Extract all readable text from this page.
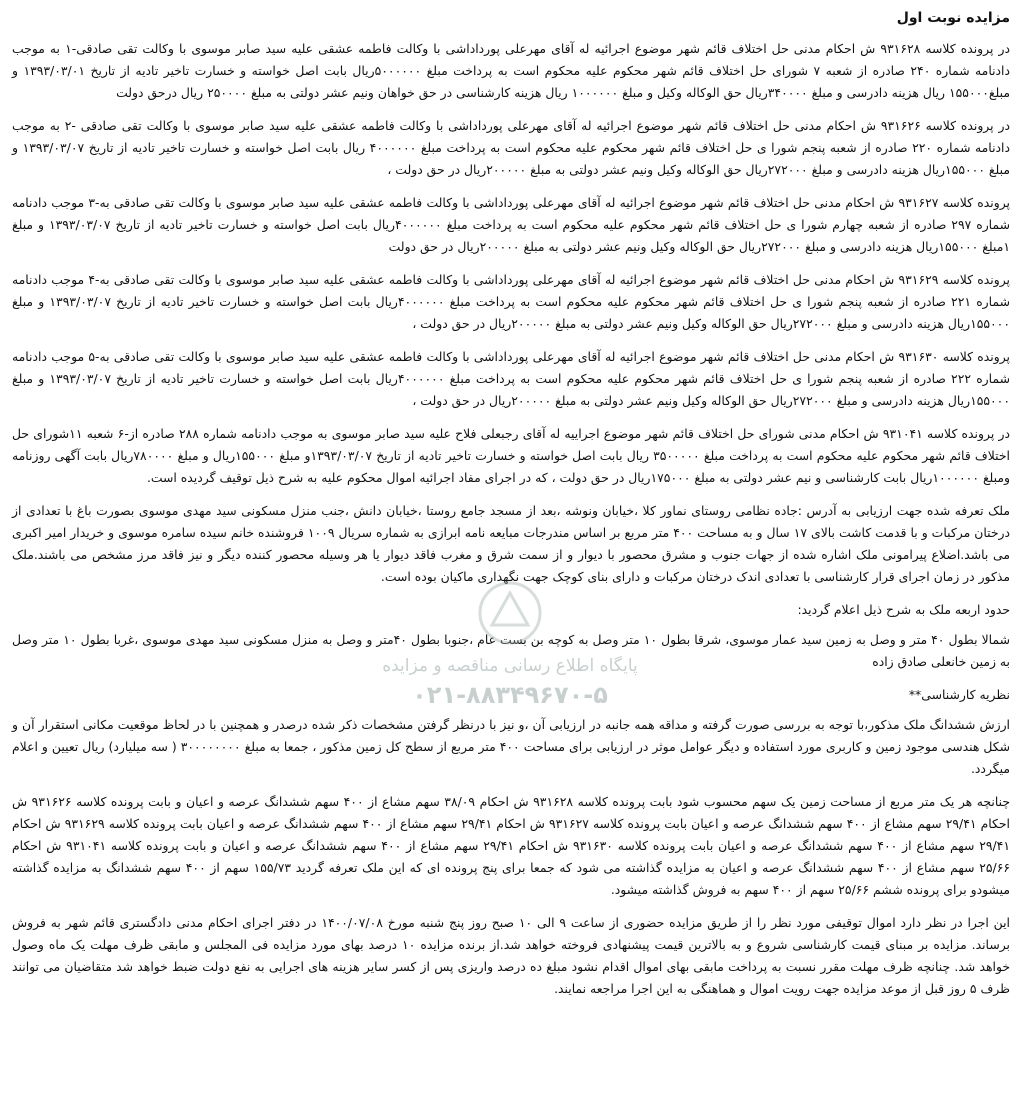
مزایده نوبت اول

در پرونده کلاسه ۹۳۱۶۲۸ ش احکام مدنی حل اختلاف قائم شهر موضوع اجرائیه له آقای مهرعلی پورداداشی با وکالت فاطمه عشقی علیه سید صابر موسوی با وکالت تقی صادقی-۱ به موجب دادنامه شماره ۲۴۰ صادره از شعبه ۷ شورای حل اختلاف قائم شهر محکوم علیه محکوم است به پرداخت مبلغ ۵۰۰۰۰۰۰ریال بابت اصل خواسته و خسارت تاخیر تادیه از تاریخ ۱۳۹۳/۰۳/۰۱ و مبلغ۱۵۵۰۰۰ ریال هزینه دادرسی و مبلغ ۳۴۰۰۰۰ریال حق الوکاله وکیل و مبلغ ۱۰۰۰۰۰۰ ریال هزینه کارشناسی در حق خواهان ونیم عشر دولتی به مبلغ ۲۵۰۰۰۰ ریال درحق دولت

در پرونده کلاسه ۹۳۱۶۲۶ ش احکام مدنی حل اختلاف قائم شهر موضوع اجرائیه له آقای مهرعلی پورداداشی با وکالت فاطمه عشقی علیه سید صابر موسوی با وکالت تقی صادقی -۲ به موجب دادنامه شماره ۲۲۰ صادره از شعبه پنجم شورا ی حل اختلاف قائم شهر محکوم علیه محکوم است به پرداخت مبلغ ۴۰۰۰۰۰۰ ریال بابت اصل خواسته و خسارت تاخیر تادیه از تاریخ ۱۳۹۳/۰۳/۰۷ و مبلغ ۱۵۵۰۰۰ریال هزینه دادرسی و مبلغ ۲۷۲۰۰۰ریال حق الوکاله وکیل ونیم عشر دولتی به مبلغ ۲۰۰۰۰۰ریال در حق دولت ،

پرونده کلاسه ۹۳۱۶۲۷ ش احکام مدنی حل اختلاف قائم شهر موضوع اجرائیه له آقای مهرعلی پورداداشی با وکالت فاطمه عشقی علیه سید صابر موسوی با وکالت تقی صادقی به-۳ موجب دادنامه شماره ۲۹۷ صادره از شعبه چهارم شورا ی حل اختلاف قائم شهر محکوم علیه محکوم است به پرداخت مبلغ ۴۰۰۰۰۰۰ریال بابت اصل خواسته و خسارت تاخیر تادیه از تاریخ ۱۳۹۳/۰۳/۰۷ و مبلغ ۱مبلغ ۱۵۵۰۰۰ریال هزینه دادرسی و مبلغ ۲۷۲۰۰۰ریال حق الوکاله وکیل ونیم عشر دولتی به مبلغ ۲۰۰۰۰۰ریال در حق دولت

پرونده کلاسه ۹۳۱۶۲۹ ش احکام مدنی حل اختلاف قائم شهر موضوع اجرائیه له آقای مهرعلی پورداداشی با وکالت فاطمه عشقی علیه سید صابر موسوی با وکالت تقی صادقی به-۴ موجب دادنامه شماره ۲۲۱ صادره از شعبه پنجم شورا ی حل اختلاف قائم شهر محکوم علیه محکوم است به پرداخت مبلغ ۴۰۰۰۰۰۰ریال بابت اصل خواسته و خسارت تاخیر تادیه از تاریخ ۱۳۹۳/۰۳/۰۷ و مبلغ ۱۵۵۰۰۰ریال هزینه دادرسی و مبلغ ۲۷۲۰۰۰ریال حق الوکاله وکیل ونیم عشر دولتی به مبلغ ۲۰۰۰۰۰ریال در حق دولت ،

پرونده کلاسه ۹۳۱۶۳۰ ش احکام مدنی حل اختلاف قائم شهر موضوع اجرائیه له آقای مهرعلی پورداداشی با وکالت فاطمه عشقی علیه سید صابر موسوی با وکالت تقی صادقی به-۵ موجب دادنامه شماره ۲۲۲ صادره از شعبه پنجم شورا ی حل اختلاف قائم شهر محکوم علیه محکوم است به پرداخت مبلغ ۴۰۰۰۰۰۰ریال بابت اصل خواسته و خسارت تاخیر تادیه از تاریخ ۱۳۹۳/۰۳/۰۷ و مبلغ ۱۵۵۰۰۰ریال هزینه دادرسی و مبلغ ۲۷۲۰۰۰ریال حق الوکاله وکیل ونیم عشر دولتی به مبلغ ۲۰۰۰۰۰ریال در حق دولت ،

در پرونده کلاسه ۹۳۱۰۴۱ ش احکام مدنی شورای حل اختلاف قائم شهر موضوع اجراییه له آقای رجبعلی فلاح علیه سید صابر موسوی به موجب دادنامه شماره ۲۸۸ صادره از-۶ شعبه ۱۱شورای حل اختلاف قائم شهر محکوم علیه محکوم است به پرداخت مبلغ ۳۵۰۰۰۰۰ ریال بابت اصل خواسته و خسارت تاخیر تادیه از تاریخ ۱۳۹۳/۰۳/۰۷و مبلغ ۱۵۵۰۰۰ریال و مبلغ ۷۸۰۰۰۰ریال بابت آگهی روزنامه ومبلغ ۱۰۰۰۰۰۰ریال بابت کارشناسی و نیم عشر دولتی به مبلغ ۱۷۵۰۰۰ریال در حق دولت ، که در اجرای مفاد اجرائیه اموال محکوم علیه به شرح ذیل توقیف گردیده است.

ملک تعرفه شده جهت ارزیابی به آدرس :جاده نظامی روستای نماور کلا ،خیابان ونوشه ،بعد از مسجد جامع روستا ،خیابان دانش ،جنب منزل مسکونی سید مهدی موسوی بصورت باغ با تعدادی از درختان مرکبات و با قدمت کاشت بالای ۱۷ سال و به مساحت ۴۰۰ متر مربع بر اساس مندرجات مبایعه نامه ابرازی به شماره سریال ۱۰۰۹ فروشنده خانم سیده سامره موسوی و خریدار امیر اکبری می باشد.اضلاع پیرامونی ملک اشاره شده از جهات جنوب و مشرق محصور با دیوار و از سمت شرق و مغرب فاقد دیوار یا هر وسیله محصور کننده دیگر و نیز فاقد مرز مشخص می باشند.ملک مذکور در زمان اجرای قرار کارشناسی با تعدادی اندک درختان مرکبات و دارای بنای کوچک جهت نگهداری ماکیان بوده است.

حدود اربعه ملک به شرح ذیل اعلام گردید:

شمالا بطول ۴۰ متر و وصل به زمین سید عمار موسوی، شرقا بطول ۱۰ متر وصل به کوچه بن بست عام ،جنوبا بطول ۴۰متر و وصل به منزل مسکونی سید مهدی موسوی ،غربا بطول ۱۰ متر وصل به زمین خانعلی صادق زاده

نظریه کارشناسی**

ارزش ششدانگ ملک مذکور،با توجه به بررسی صورت گرفته و مداقه همه جانبه در ارزیابی آن ،و نیز با درنظر گرفتن مشخصات ذکر شده درصدر و همچنین با در لحاظ موقعیت مکانی استقرار آن و شکل هندسی موجود زمین و کاربری مورد استفاده و دیگر عوامل موثر در ارزیابی برای مساحت ۴۰۰ متر مربع از سطح کل زمین مذکور ، جمعا به مبلغ ۳۰۰۰۰۰۰۰۰ ( سه میلیارد) ریال تعیین و اعلام میگردد.

چنانچه هر یک متر مربع از مساحت زمین یک سهم محسوب شود بابت پرونده کلاسه ۹۳۱۶۲۸ ش احکام ۳۸/۰۹ سهم مشاع از ۴۰۰ سهم ششدانگ عرصه و اعیان و بابت پرونده کلاسه ۹۳۱۶۲۶ ش احکام ۲۹/۴۱ سهم مشاع از ۴۰۰ سهم ششدانگ عرصه و اعیان بابت پرونده کلاسه ۹۳۱۶۲۷ ش احکام ۲۹/۴۱ سهم مشاع از ۴۰۰ سهم ششدانگ عرصه و اعیان بابت پرونده کلاسه ۹۳۱۶۲۹ ش احکام ۲۹/۴۱ سهم مشاع از ۴۰۰ سهم ششدانگ عرصه و اعیان بابت پرونده کلاسه ۹۳۱۶۳۰ ش احکام ۲۹/۴۱ سهم مشاع از ۴۰۰ سهم ششدانگ عرصه و اعیان و بابت پرونده کلاسه ۹۳۱۰۴۱ ش احکام ۲۵/۶۶ سهم مشاع از ۴۰۰ سهم ششدانگ عرصه و اعیان به مزایده گذاشته می شود که جمعا برای پنج پرونده ای که این ملک تعرفه گردید ۱۵۵/۷۳ سهم از ۴۰۰ سهم ششدانگ به مزایده گذاشته میشودو برای پرونده ششم ۲۵/۶۶ سهم از ۴۰۰ سهم به فروش گذاشته میشود.

این اجرا در نظر دارد اموال توقیفی مورد نظر را از طریق مزایده حضوری از ساعت ۹ الی ۱۰ صبح روز پنج شنبه مورخ ۱۴۰۰/۰۷/۰۸ در دفتر اجرای احکام مدنی دادگستری قائم شهر به فروش برساند. مزایده بر مبنای قیمت کارشناسی شروع و به بالاترین قیمت پیشنهادی فروخته خواهد شد.از برنده مزایده ۱۰ درصد بهای مورد مزایده فی المجلس و مابقی ظرف مهلت یک ماه وصول خواهد شد. چنانچه ظرف مهلت مقرر نسبت به پرداخت مابقی بهای اموال اقدام نشود مبلغ ده درصد واریزی پس از کسر سایر هزینه های اجرایی به نفع دولت ضبط خواهد شد متقاضیان می توانند ظرف ۵ روز قبل از موعد مزایده جهت رویت اموال و هماهنگی به این اجرا مراجعه نمایند.

پایگاه اطلاع رسانی مناقصه و مزایده
۰۲۱-۸۸۳۴۹۶۷۰-۵
